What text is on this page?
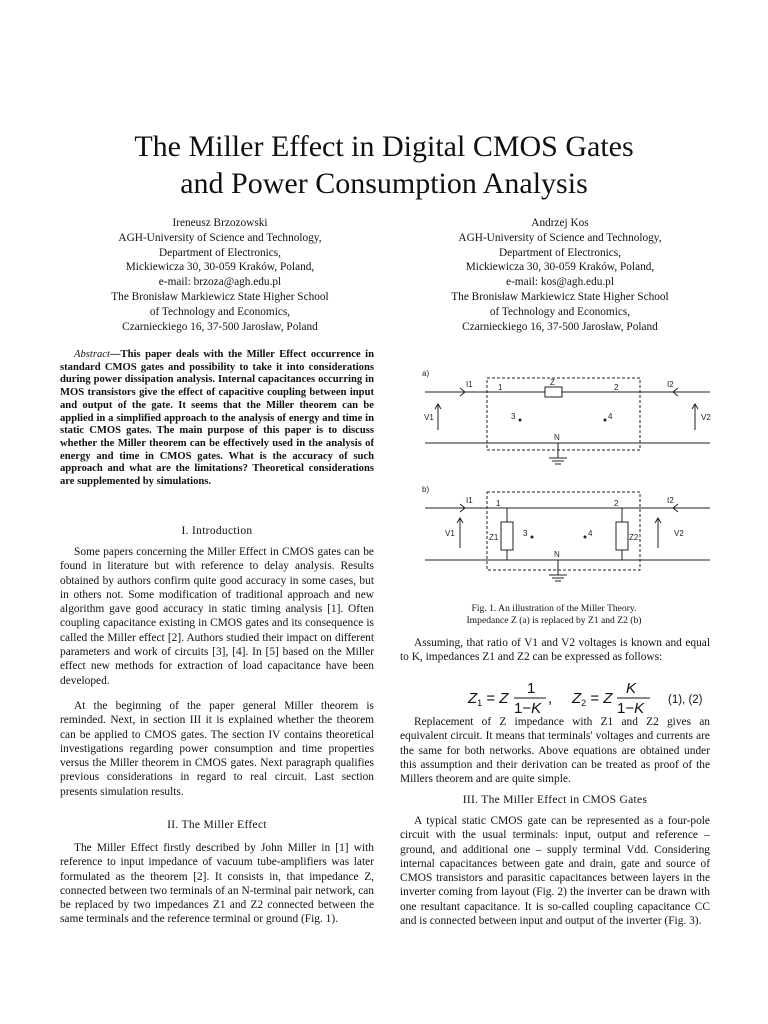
The Miller Effect in Digital CMOS Gates
and Power Consumption Analysis
Ireneusz Brzozowski
AGH-University of Science and Technology,
Department of Electronics,
Mickiewicza 30, 30-059 Kraków, Poland,
e-mail: brzoza@agh.edu.pl
The Bronisław Markiewicz State Higher School
of Technology and Economics,
Czarnieckiego 16, 37-500 Jarosław, Poland
Andrzej Kos
AGH-University of Science and Technology,
Department of Electronics,
Mickiewicza 30, 30-059 Kraków, Poland,
e-mail: kos@agh.edu.pl
The Bronisław Markiewicz State Higher School
of Technology and Economics,
Czarnieckiego 16, 37-500 Jarosław, Poland
Abstract—This paper deals with the Miller Effect occurrence in standard CMOS gates and possibility to take it into considerations during power dissipation analysis. Internal capacitances occurring in MOS transistors give the effect of capacitive coupling between input and output of the gate. It seems that the Miller theorem can be applied in a simplified approach to the analysis of energy and time in static CMOS gates. The main purpose of this paper is to discuss whether the Miller theorem can be effectively used in the analysis of energy and time in CMOS gates. What is the accuracy of such approach and what are the limitations? Theoretical considerations are supplemented by simulations.

I. Introduction

Some papers concerning the Miller Effect in CMOS gates can be found in literature but with reference to delay analysis. Results obtained by authors confirm quite good accuracy in some cases, but in others not. Some modification of traditional approach and new algorithm gave good accuracy in static timing analysis [1]. Often coupling capacitance existing in CMOS gates and its consequence is called the Miller effect [2]. Authors studied their impact on different parameters and work of circuits [3], [4]. In [5] based on the Miller effect new methods for extraction of load capacitance have been developed.

At the beginning of the paper general Miller theorem is reminded. Next, in section III it is explained whether the theorem can be applied to CMOS gates. The section IV contains theoretical investigations regarding power consumption and time properties versus the Miller theorem in CMOS gates. Next paragraph qualifies previous considerations in regard to real circuit. Last section presents simulation results.

II. The Miller Effect

The Miller Effect firstly described by John Miller in [1] with reference to input impedance of vacuum tube-amplifiers was later formulated as the theorem [2]. It consists in, that impedance Z, connected between two terminals of an N-terminal pair network, can be replaced by two impedances Z1 and Z2 connected between the same terminals and the reference terminal or ground (Fig. 1).

a)
I1	I2
1	2
Z
V1	V2
3	4
N
b)
I1	I2
1	2
V1	V2
Z1	Z2
3	4
N
Fig. 1. An illustration of the Miller Theory.
Impedance Z (a) is replaced by Z1 and Z2 (b)

Assuming, that ratio of V1 and V2 voltages is known and equal to K, impedances Z1 and Z2 can be expressed as follows:

$Z_1 = Z$
1
1−K
, $Z_2 = Z$
K
1−K (1), (2)

Replacement of Z impedance with Z1 and Z2 gives an equivalent circuit. It means that terminals' voltages and currents are the same for both networks. Above equations are obtained under this assumption and their derivation can be treated as proof of the Millers theorem and are quite simple.

III. The Miller Effect in CMOS Gates

A typical static CMOS gate can be represented as a four-pole circuit with the usual terminals: input, output and reference – ground, and additional one – supply terminal Vdd. Considering internal capacitances between gate and drain, gate and source of CMOS transistors and parasitic capacitances between layers in the inverter coming from layout (Fig. 2) the inverter can be drawn with one resultant capacitance. It is so-called coupling capacitance CC and is connected between input and output of the inverter (Fig. 3).
